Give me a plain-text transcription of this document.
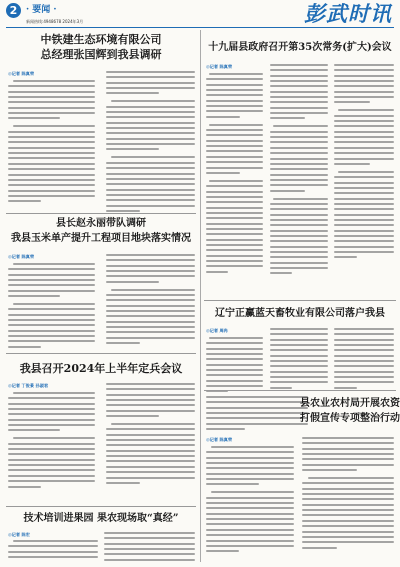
2 · 要闻 ·
新闻热线:4948678 2024年3月	彭武时讯
中铁建生态环境有限公司
总经理张国辉到我县调研
◎记者 陈真荣
县长赵永丽带队调研
我县玉米单产提升工程项目地块落实情况
◎记者 陈真荣
我县召开2024年上半年定兵会议
◎记者 丁俊景 孙淑君
技术培训进果园 果农现场取“真经”
◎记者 陈宏
十九届县政府召开第35次常务(扩大)会议
◎记者 陈真荣
辽宁正赢蓝天畜牧业有限公司落户我县
◎记者 周冉
县农业农村局开展农资
打假宣传专项整治行动
◎记者 陈真荣
